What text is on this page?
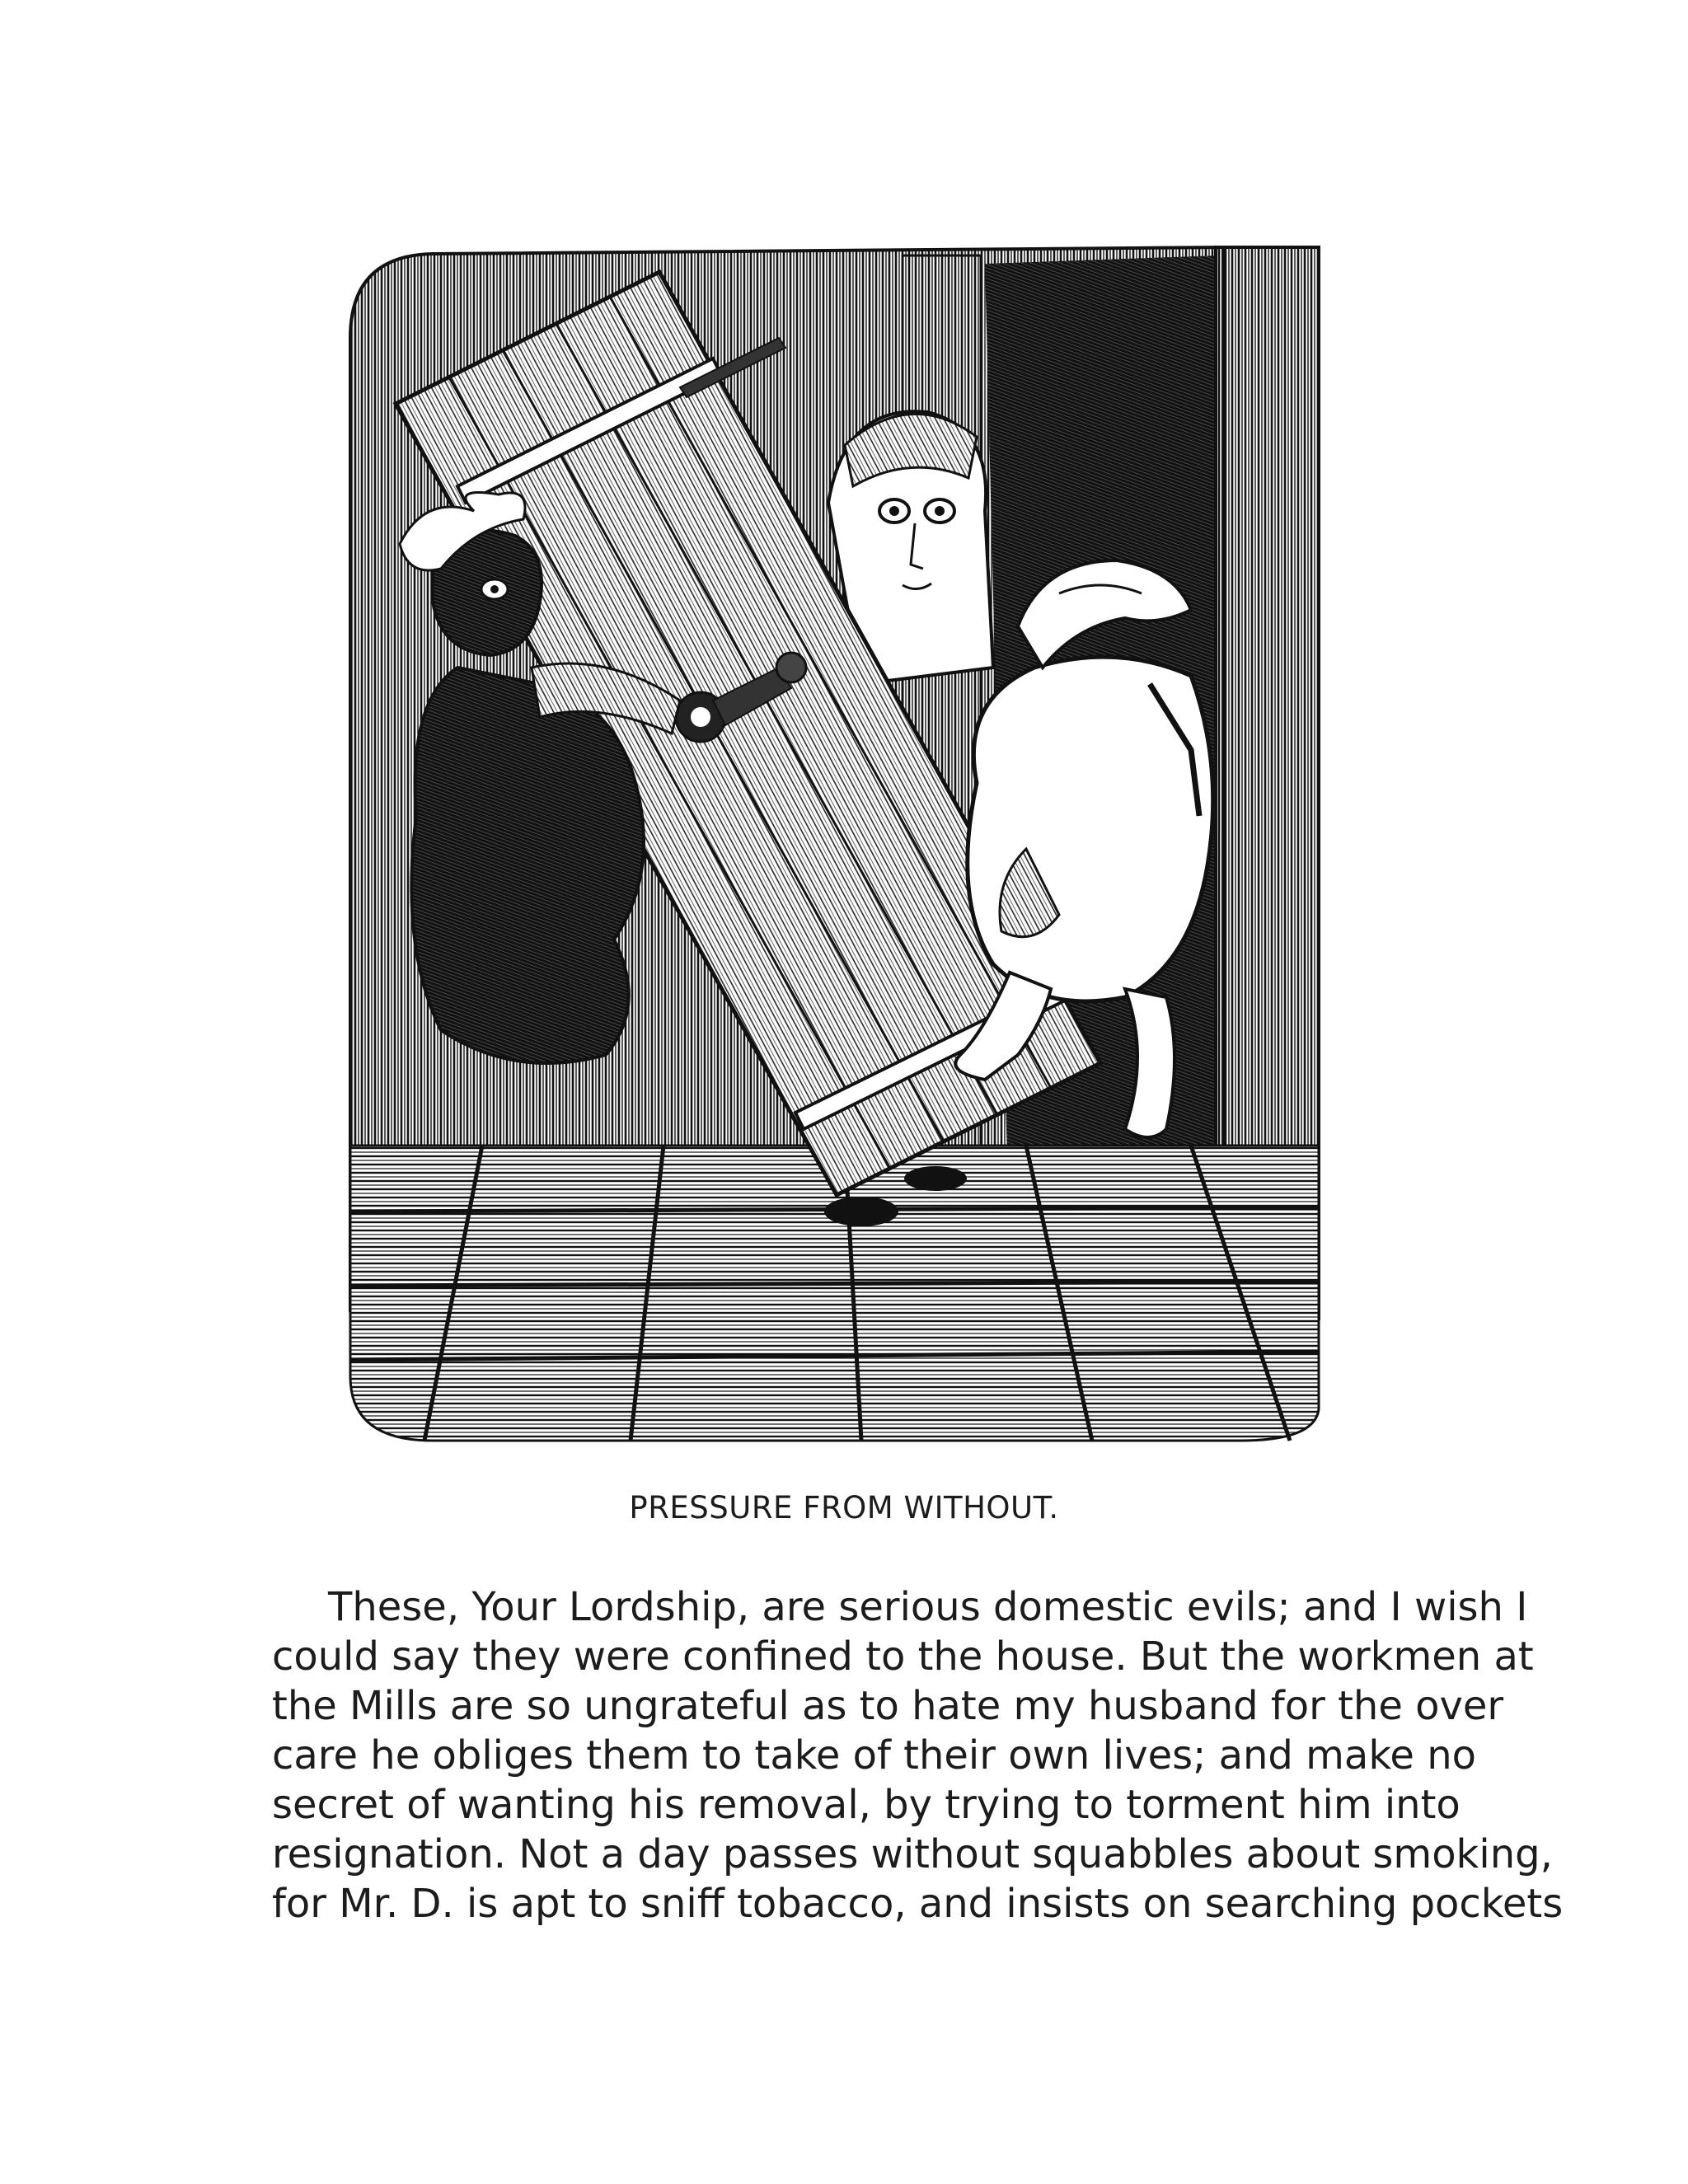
PRESSURE FROM WITHOUT.
These, Your Lordship, are serious domestic evils; and I wish I
could say they were confined to the house. But the workmen at
the Mills are so ungrateful as to hate my husband for the over
care he obliges them to take of their own lives; and make no
secret of wanting his removal, by trying to torment him into
resignation. Not a day passes without squabbles about smoking,
for Mr. D. is apt to sniff tobacco, and insists on searching pockets
